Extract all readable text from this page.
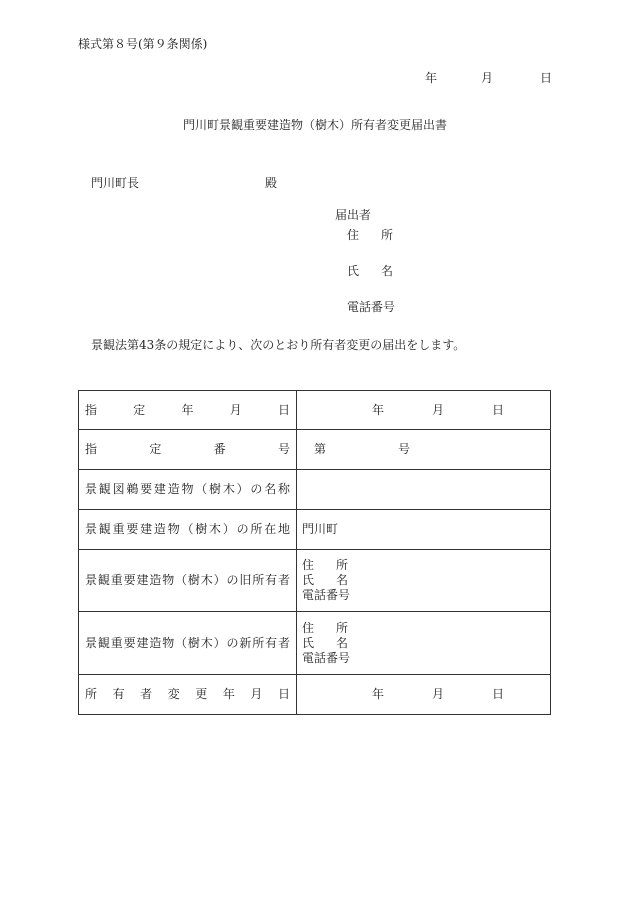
様式第８号(第９条関係)
年	月	日
門川町景観重要建造物（樹木）所有者変更届出書
門川町長	殿
届出者
住所
氏名
電話番号
景観法第43条の規定により、次のとおり所有者変更の届出をします。
指定年月日	年 月 日

指定番号	第 号

景観図鵜要建造物（樹木）の名称	

景観重要建造物（樹木）の所在地	門川町

景観重要建造物（樹木）の旧所有者	住所
氏名
電話番号

景観重要建造物（樹木）の新所有者	住所
氏名
電話番号

所有者変更年月日	年 月 日
